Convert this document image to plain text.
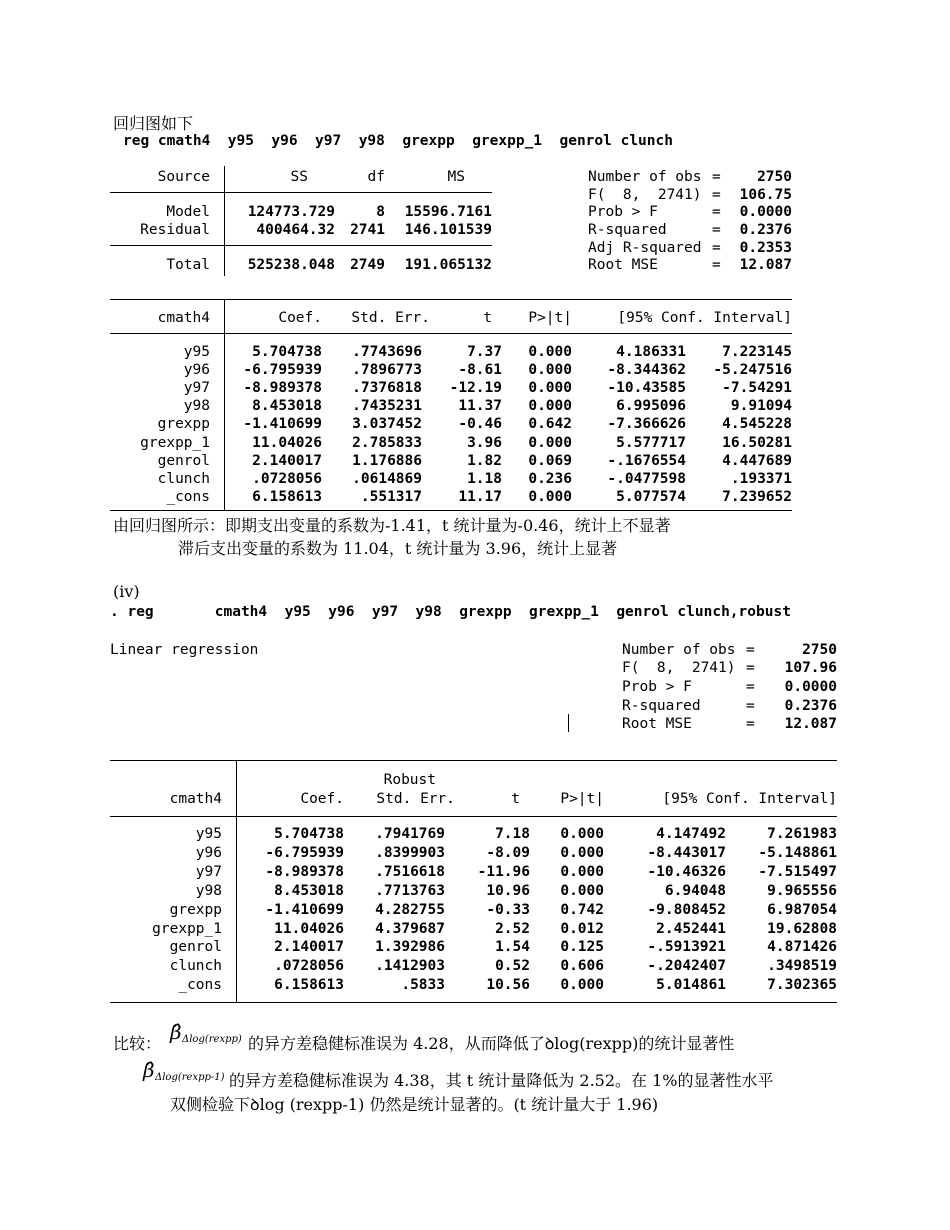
回归图如下
reg cmath4  y95  y96  y97  y98  grexpp  grexpp_1  genrol clunch
Source	SS	df	MS
Model	124773.729	8	15596.7161
Residual	400464.32	2741	146.101539
Total	525238.048	2749	191.065132
Number of obs =	2750
F(  8,  2741) =	106.75
Prob > F	=	0.0000
R-squared	=	0.2376
Adj R-squared =	0.2353
Root MSE	=	12.087
cmath4	Coef.	Std. Err.	t	P>|t|	[95% Conf. Interval]
y95	5.704738	.7743696	7.37	0.000	4.186331	7.223145
y96	-6.795939	.7896773	-8.61	0.000	-8.344362	-5.247516
y97	-8.989378	.7376818	-12.19	0.000	-10.43585	-7.54291
y98	8.453018	.7435231	11.37	0.000	6.995096	9.91094
grexpp	-1.410699	3.037452	-0.46	0.642	-7.366626	4.545228
grexpp_1	11.04026	2.785833	3.96	0.000	5.577717	16.50281
genrol	2.140017	1.176886	1.82	0.069	-.1676554	4.447689
clunch	.0728056	.0614869	1.18	0.236	-.0477598	.193371
_cons	6.158613	.551317	11.17	0.000	5.077574	7.239652
由回归图所示：即期支出变量的系数为-1.41，t 统计量为-0.46，统计上不显著
滞后支出变量的系数为 11.04，t 统计量为 3.96，统计上显著
(iv)
. reg       cmath4  y95  y96  y97  y98  grexpp  grexpp_1  genrol clunch,robust
Linear regression	Number of obs =	2750
F(  8,  2741) =	107.96
Prob > F	=	0.0000
R-squared	=	0.2376
Root MSE	=	12.087
Robust
cmath4	Coef.	Std. Err.	t	P>|t|	[95% Conf. Interval]
y95	5.704738	.7941769	7.18	0.000	4.147492	7.261983
y96	-6.795939	.8399903	-8.09	0.000	-8.443017	-5.148861
y97	-8.989378	.7516618	-11.96	0.000	-10.46326	-7.515497
y98	8.453018	.7713763	10.96	0.000	6.94048	9.965556
grexpp	-1.410699	4.282755	-0.33	0.742	-9.808452	6.987054
grexpp_1	11.04026	4.379687	2.52	0.012	2.452441	19.62808
genrol	2.140017	1.392986	1.54	0.125	-.5913921	4.871426
clunch	.0728056	.1412903	0.52	0.606	-.2042407	.3498519
_cons	6.158613	.5833	10.56	0.000	5.014861	7.302365
比较： β̂ Δlog(rexpp) 的异方差稳健标准误为 4.28，从而降低了ꝺlog(rexpp)的统计显著性
β̂ Δlog(rexpp-1) 的异方差稳健标准误为 4.38，其 t 统计量降低为 2.52。在 1%的显著性水平
双侧检验下ꝺlog (rexpp-1) 仍然是统计显著的。(t 统计量大于 1.96)
